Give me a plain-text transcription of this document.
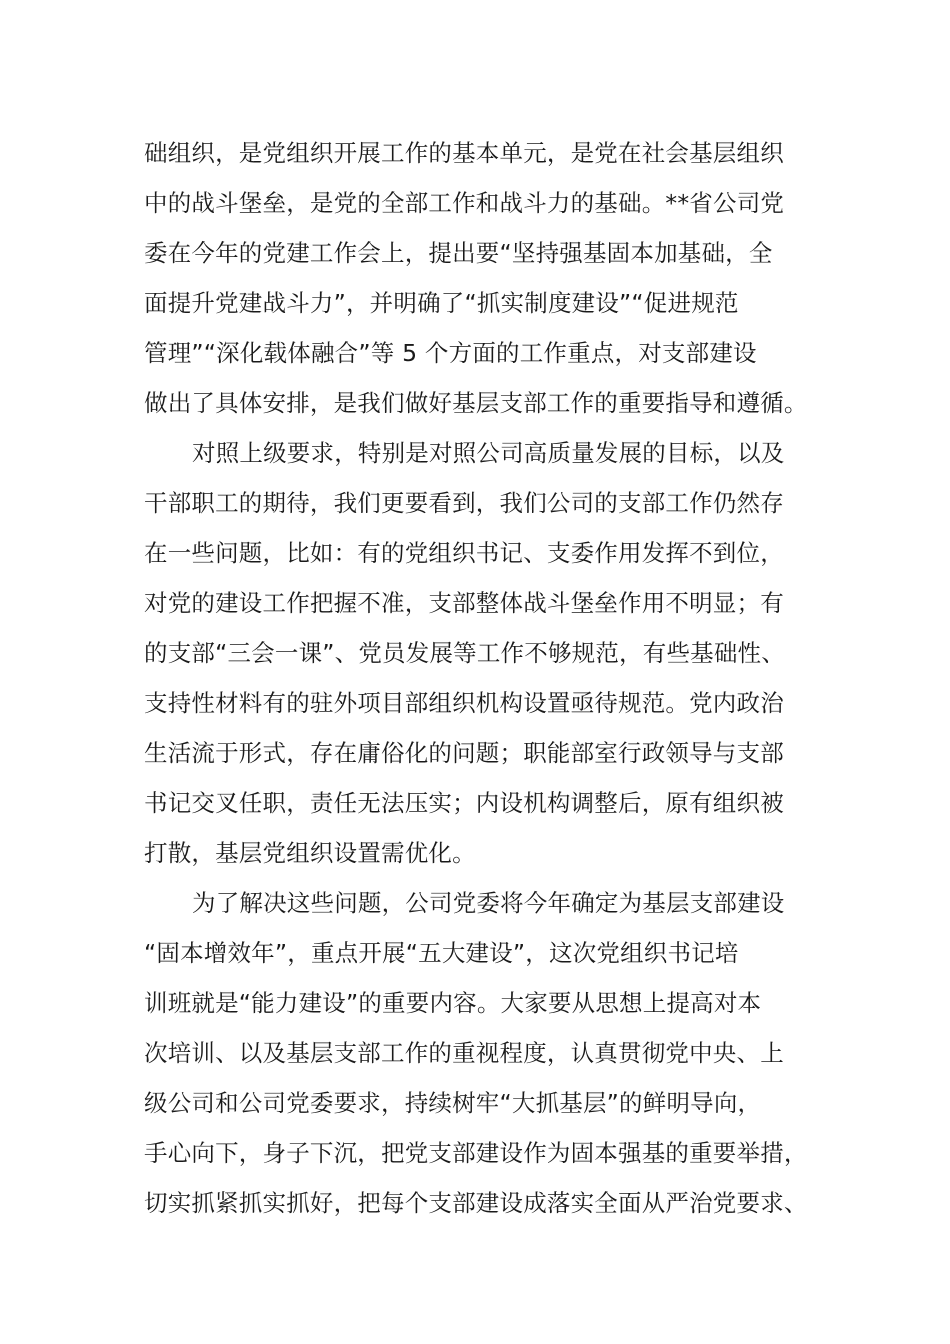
础组织，是党组织开展工作的基本单元，是党在社会基层组织
中的战斗堡垒，是党的全部工作和战斗力的基础。**省公司党
委在今年的党建工作会上，提出要“坚持强基固本加基础，全
面提升党建战斗力”，并明确了“抓实制度建设”“促进规范
管理”“深化载体融合”等 5 个方面的工作重点，对支部建设
做出了具体安排，是我们做好基层支部工作的重要指导和遵循。
对照上级要求，特别是对照公司高质量发展的目标，以及
干部职工的期待，我们更要看到，我们公司的支部工作仍然存
在一些问题，比如：有的党组织书记、支委作用发挥不到位，
对党的建设工作把握不准，支部整体战斗堡垒作用不明显；有
的支部“三会一课”、党员发展等工作不够规范，有些基础性、
支持性材料有的驻外项目部组织机构设置亟待规范。党内政治
生活流于形式，存在庸俗化的问题；职能部室行政领导与支部
书记交叉任职，责任无法压实；内设机构调整后，原有组织被
打散，基层党组织设置需优化。
为了解决这些问题，公司党委将今年确定为基层支部建设
“固本增效年”，重点开展“五大建设”，这次党组织书记培
训班就是“能力建设”的重要内容。大家要从思想上提高对本
次培训、以及基层支部工作的重视程度，认真贯彻党中央、上
级公司和公司党委要求，持续树牢“大抓基层”的鲜明导向，
手心向下，身子下沉，把党支部建设作为固本强基的重要举措，
切实抓紧抓实抓好，把每个支部建设成落实全面从严治党要求、
